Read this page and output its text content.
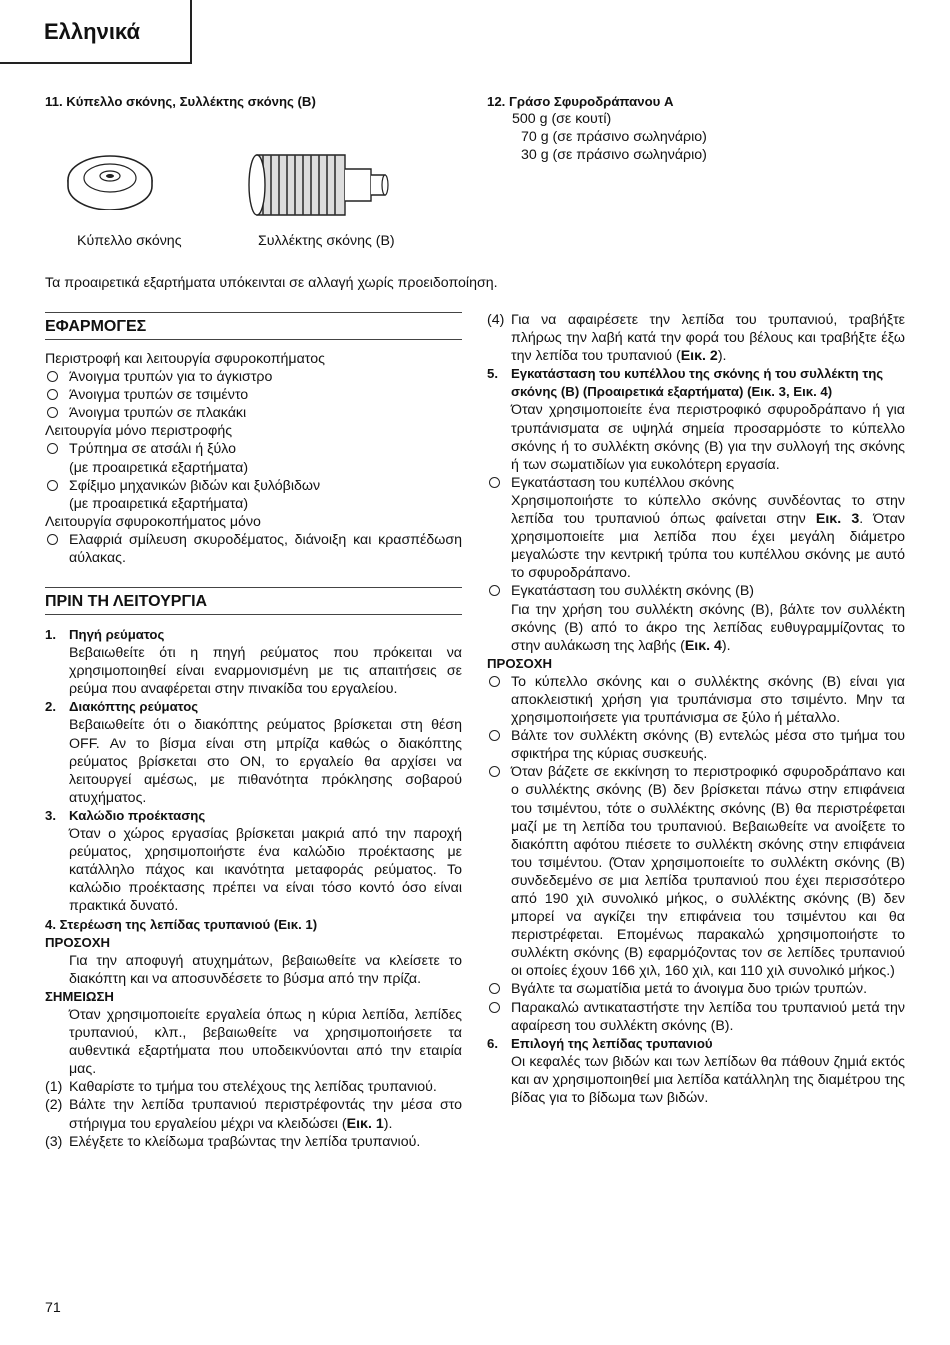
Ελληνικά
11. Κύπελλο σκόνης, Συλλέκτης σκόνης (B)
Κύπελλο σκόνης	Συλλέκτης σκόνης (B)
12. Γράσο Σφυροδράπανου A
500 g (σε κουτί)
70 g (σε πράσινο σωληνάριο)
30 g (σε πράσινο σωληνάριο)
Τα προαιρετικά εξαρτήματα υπόκεινται σε αλλαγή χωρίς προειδοποίηση.
ΕΦΑΡΜΟΓΕΣ
Περιστροφή και λειτουργία σφυροκοπήματος
Άνοιγμα τρυπών για το άγκιστρο
Άνοιγμα τρυπών σε τσιμέντο
Άνοιγμα τρυπών σε πλακάκι
Λειτουργία μόνο περιστροφής
Τρύπημα σε ατσάλι ή ξύλο
(με προαιρετικά εξαρτήματα)
Σφίξιμο μηχανικών βιδών και ξυλόβιδων
(με προαιρετικά εξαρτήματα)
Λειτουργία σφυροκοπήματος μόνο
Ελαφριά σμίλευση σκυροδέματος, διάνοιξη και κρασπέδωση αύλακας.
ΠΡΙΝ ΤΗ ΛΕΙΤΟΥΡΓΙΑ
1. Πηγή ρεύματος

Βεβαιωθείτε ότι η πηγή ρεύματος που πρόκειται να χρησιμοποιηθεί είναι εναρμονισμένη με τις απαιτήσεις σε ρεύμα που αναφέρεται στην πινακίδα του εργαλείου.

2. Διακόπτης ρεύματος

Βεβαιωθείτε ότι ο διακόπτης ρεύματος βρίσκεται στη θέση OFF. Αν το βίσμα είναι στη μπρίζα καθώς ο διακόπτης ρεύματος βρίσκεται στο ON, το εργαλείο θα αρχίσει να λειτουργεί αμέσως, με πιθανότητα πρόκλησης σοβαρού ατυχήματος.

3. Καλώδιο προέκτασης

Όταν ο χώρος εργασίας βρίσκεται μακριά από την παροχή ρεύματος, χρησιμοποιήστε ένα καλώδιο προέκτασης με κατάλληλο πάχος και ικανότητα μεταφοράς ρεύματος. Το καλώδιο προέκτασης πρέπει να είναι τόσο κοντό όσο είναι πρακτικά δυνατό.

4. Στερέωση της λεπίδας τρυπανιού (Εικ. 1)
ΠΡΟΣΟΧΗ

Για την αποφυγή ατυχημάτων, βεβαιωθείτε να κλείσετε το διακόπτη και να αποσυνδέσετε το βύσμα από την πρίζα.

ΣΗΜΕΙΩΣΗ

Όταν χρησιμοποιείτε εργαλεία όπως η κύρια λεπίδα, λεπίδες τρυπανιού, κλπ., βεβαιωθείτε να χρησιμοποιήσετε τα αυθεντικά εξαρτήματα που υποδεικνύονται από την εταιρία μας.

(1) Καθαρίστε το τμήμα του στελέχους της λεπίδας τρυπανιού.
(2) Βάλτε την λεπίδα τρυπανιού περιστρέφοντάς την μέσα στο στήριγμα του εργαλείου μέχρι να κλειδώσει (Εικ. 1).
(3) Ελέγξετε το κλείδωμα τραβώντας την λεπίδα τρυπανιού.
(4) Για να αφαιρέσετε την λεπίδα του τρυπανιού, τραβήξτε πλήρως την λαβή κατά την φορά του βέλους και τραβήξτε έξω την λεπίδα του τρυπανιού (Εικ. 2).
5. Εγκατάσταση του κυπέλλου της σκόνης ή του συλλέκτη της σκόνης (B) (Προαιρετικά εξαρτήματα) (Εικ. 3, Εικ. 4)

Όταν χρησιμοποιείτε ένα περιστροφικό σφυροδράπανο ή για τρυπάνισματα σε υψηλά σημεία προσαρμόστε το κύπελλο σκόνης ή το συλλέκτη σκόνης (B) για την συλλογή της σκόνης ή των σωματιδίων για ευκολότερη εργασία.

Εγκατάσταση του κυπέλλου σκόνης

Χρησιμοποιήστε το κύπελλο σκόνης συνδέοντας το στην λεπίδα του τρυπανιού όπως φαίνεται στην Εικ. 3. Όταν χρησιμοποιείτε μια λεπίδα που έχει μεγάλη διάμετρο μεγαλώστε την κεντρική τρύπα του κυπέλλου σκόνης με αυτό το σφυροδράπανο.

Εγκατάσταση του συλλέκτη σκόνης (B)

Για την χρήση του συλλέκτη σκόνης (B), βάλτε τον συλλέκτη σκόνης (B) από το άκρο της λεπίδας ευθυγραμμίζοντας το στην αυλάκωση της λαβής (Εικ. 4).

ΠΡΟΣΟΧΗ
Το κύπελλο σκόνης και ο συλλέκτης σκόνης (B) είναι για αποκλειστική χρήση για τρυπάνισμα στο τσιμέντο. Μην τα χρησιμοποιήσετε για τρυπάνισμα σε ξύλο ή μέταλλο.
Βάλτε τον συλλέκτη σκόνης (B) εντελώς μέσα στο τμήμα του σφικτήρα της κύριας συσκευής.
Όταν βάζετε σε εκκίνηση το περιστροφικό σφυροδράπανο και ο συλλέκτης σκόνης (B) δεν βρίσκεται πάνω στην επιφάνεια του τσιμέντου, τότε ο συλλέκτης σκόνης (B) θα περιστρέφεται μαζί με τη λεπίδα του τρυπανιού. Βεβαιωθείτε να ανοίξετε το διακόπτη αφότου πιέσετε το συλλέκτη σκόνης στην επιφάνεια του τσιμέντου. (Όταν χρησιμοποιείτε το συλλέκτη σκόνης (B) συνδεδεμένο σε μια λεπίδα τρυπανιού που έχει περισσότερο από 190 χιλ συνολικό μήκος, ο συλλέκτης σκόνης (B) δεν μπορεί να αγκίζει την επιφάνεια του τσιμέντου και θα περιστρέφεται. Επομένως παρακαλώ χρησιμοποιήστε το συλλέκτη σκόνης (B) εφαρμόζοντας τον σε λεπίδες τρυπανιού οι οποίες έχουν 166 χιλ, 160 χιλ, και 110 χιλ συνολικό μήκος.)
Βγάλτε τα σωματίδια μετά το άνοιγμα δυο τριών τρυπών.
Παρακαλώ αντικαταστήστε την λεπίδα του τρυπανιού μετά την αφαίρεση του συλλέκτη σκόνης (B).
6. Επιλογή της λεπίδας τρυπανιού

Οι κεφαλές των βιδών και των λεπίδων θα πάθουν ζημιά εκτός και αν χρησιμοποιηθεί μια λεπίδα κατάλληλη της διαμέτρου της βίδας για το βίδωμα των βιδών.

71
